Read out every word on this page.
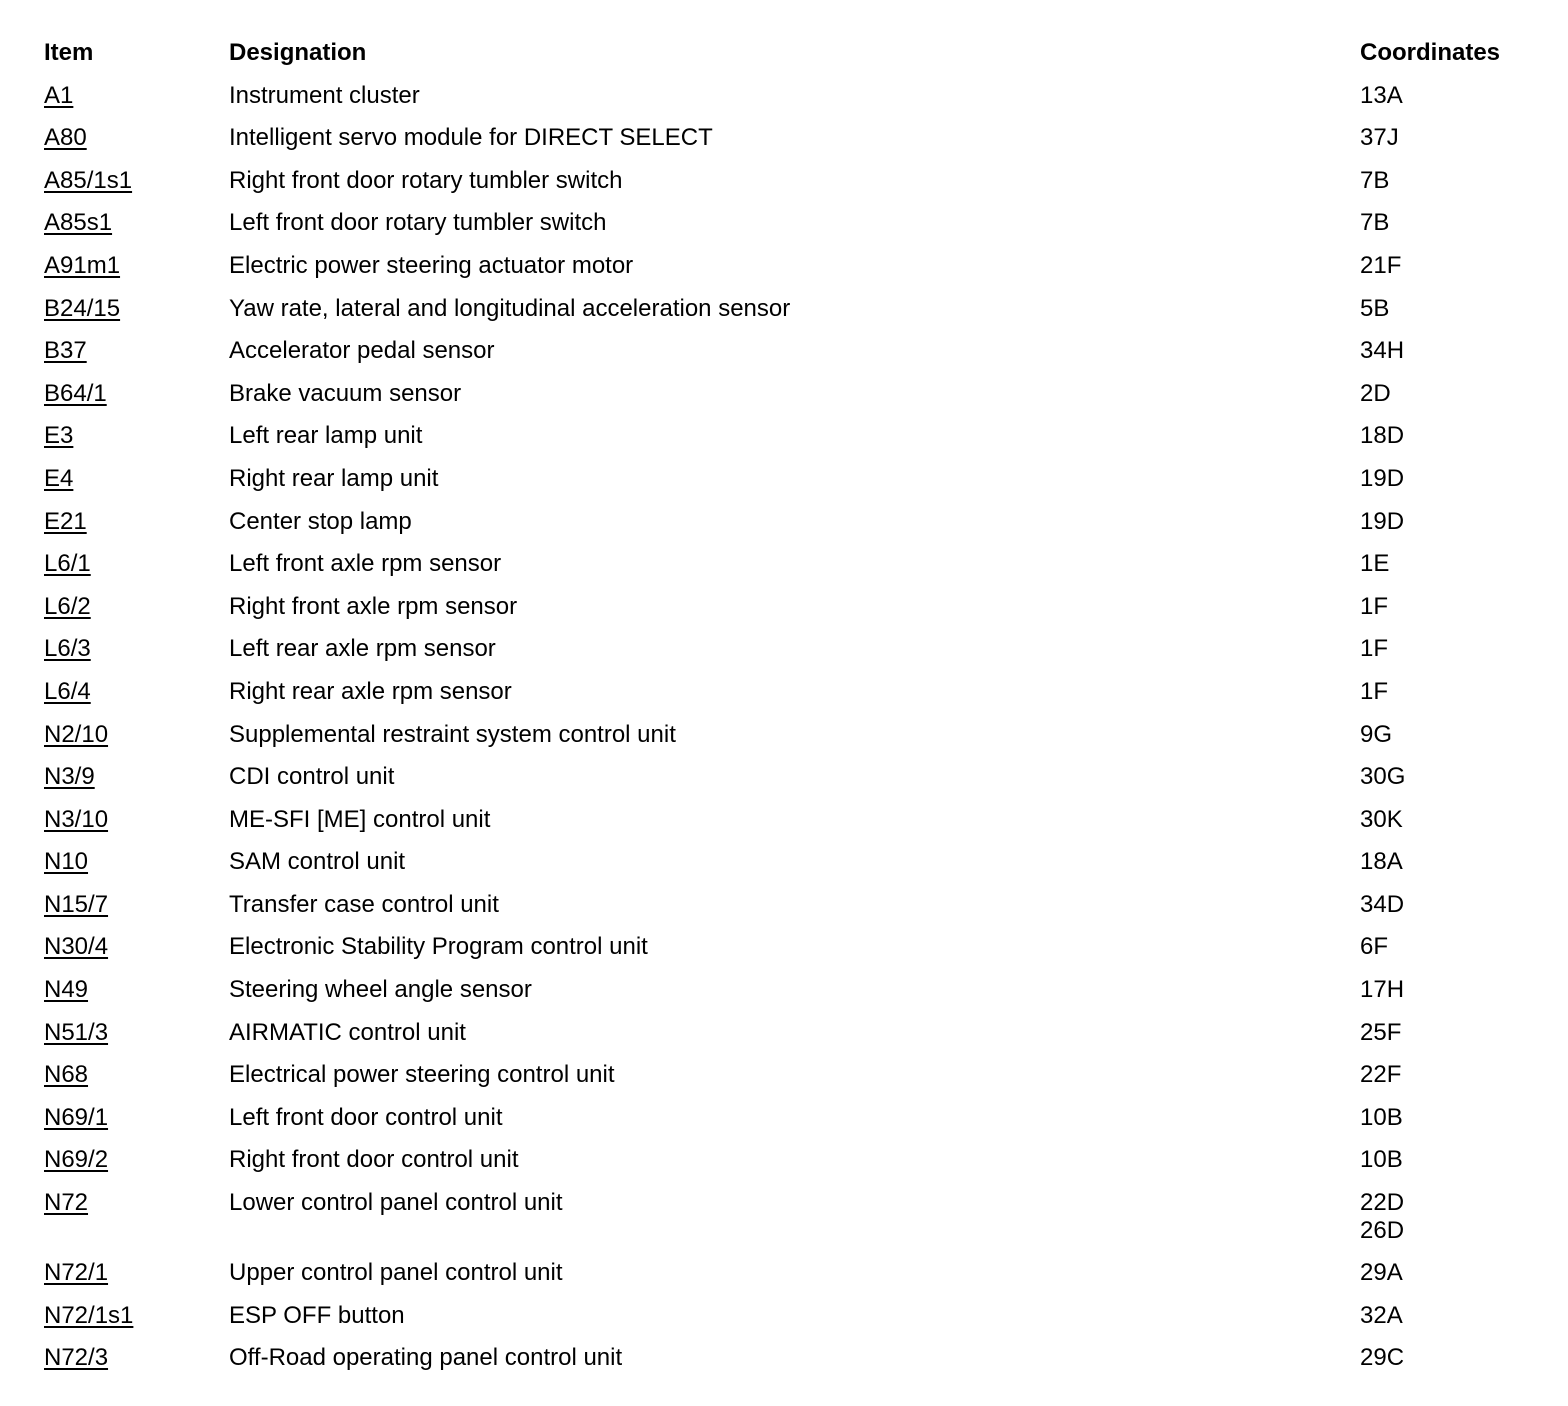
Item	Designation	Coordinates
A1	Instrument cluster	13A
A80	Intelligent servo module for DIRECT SELECT	37J
A85/1s1	Right front door rotary tumbler switch	7B
A85s1	Left front door rotary tumbler switch	7B
A91m1	Electric power steering actuator motor	21F
B24/15	Yaw rate, lateral and longitudinal acceleration sensor	5B
B37	Accelerator pedal sensor	34H
B64/1	Brake vacuum sensor	2D
E3	Left rear lamp unit	18D
E4	Right rear lamp unit	19D
E21	Center stop lamp	19D
L6/1	Left front axle rpm sensor	1E
L6/2	Right front axle rpm sensor	1F
L6/3	Left rear axle rpm sensor	1F
L6/4	Right rear axle rpm sensor	1F
N2/10	Supplemental restraint system control unit	9G
N3/9	CDI control unit	30G
N3/10	ME-SFI [ME] control unit	30K
N10	SAM control unit	18A
N15/7	Transfer case control unit	34D
N30/4	Electronic Stability Program control unit	6F
N49	Steering wheel angle sensor	17H
N51/3	AIRMATIC control unit	25F
N68	Electrical power steering control unit	22F
N69/1	Left front door control unit	10B
N69/2	Right front door control unit	10B
N72	Lower control panel control unit	22D
26D
N72/1	Upper control panel control unit	29A
N72/1s1	ESP OFF button	32A
N72/3	Off-Road operating panel control unit	29C
